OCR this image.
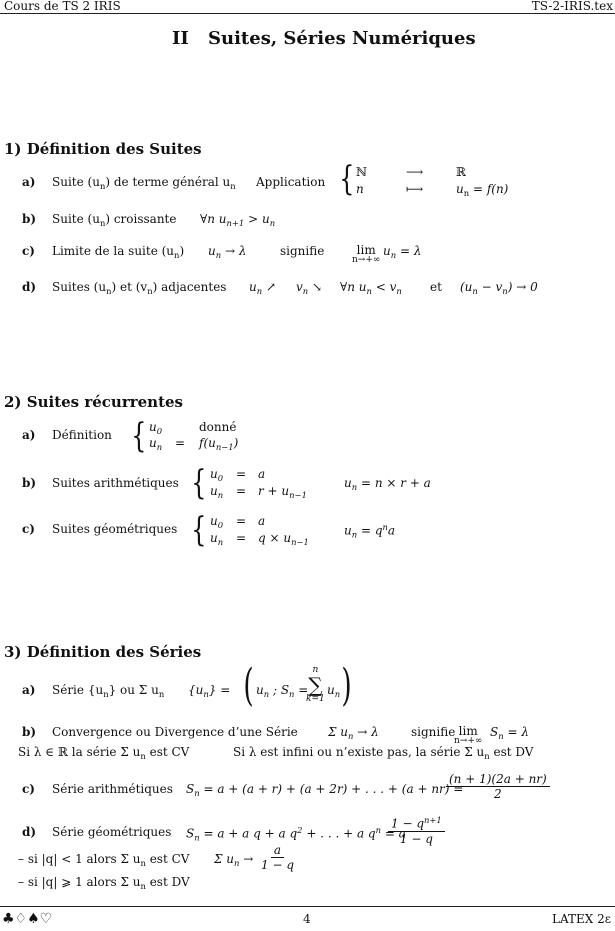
Cours de TS 2 IRIS	TS-2-IRIS.tex
II Suites, Séries Numériques
1) Définition des Suites
a) Suite $(u_n)$ de terme général $u_n$ Application { ℕ	⟶	ℝ
n	⟼	$u_n = f(n)$
b) Suite $(u_n)$ croissante ∀n $u_{n+1} > u_n$
c) Limite de la suite $(u_n) u_n \to \lambda$	signifie	lim
n→+∞
$u_n = \lambda$
d) Suites $(u_n)$ et $(v_n)$ adjacentes $u_n$ ↗ $v_n$ ↘ ∀n $u_n < v_n$ et $(u_n - v_n) \to 0$
2) Suites récurrentes
a) Définition { $u_0$	donné
$u_n = f(u_{n-1})$
b) Suites arithmétiques { $u_0 = a$
$u_n = r + u_{n-1}$
$u_n = n \times r + a$
c) Suites géométriques { $u_0 = a$
$u_n = q \times u_{n-1}$
$u_n = q^na$
3) Définition des Séries
a) Série $\{u_n\}$ ou Σ $u_n$ $\{u_n\}$ = ( $u_n$ ; $S_n$ =
n
∑
k=1
$u_n$ )
b) Convergence ou Divergence d’une Série	Σ $u_n \to \lambda$	signifie lim
n→+∞
$S_n = \lambda$
Si λ ∈ ℝ la série Σ $u_n$ est CV	Si λ est infini ou n’existe pas, la série Σ $u_n$ est DV
c) Série arithmétiques $S_n = a + (a + r) + (a + 2r)$ + . . . + (a + nr) =
$\frac{(n + 1)(2a + nr)}{2}$
d) Série géométriques $S_n = a + a$ q + a $q^2$ + . . . + a $q^n = a$
$\frac{1 - q^{n+1}}{1 - q}$
– si |q| < 1 alors Σ $u_n$ est CV Σ $u_n \to \frac{a}{1 - q}$
– si |q| ⩾ 1 alors Σ $u_n$ est DV
♣♢♠♡	4	LATEX 2ε
